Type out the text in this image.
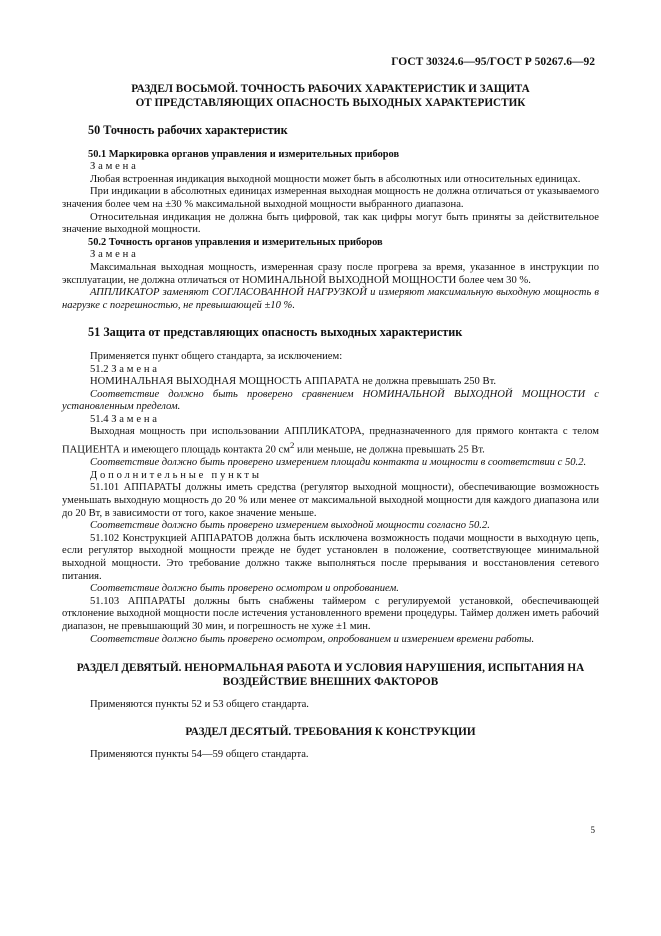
ГОСТ 30324.6—95/ГОСТ Р 50267.6—92
РАЗДЕЛ ВОСЬМОЙ. ТОЧНОСТЬ РАБОЧИХ ХАРАКТЕРИСТИК И ЗАЩИТА
ОТ ПРЕДСТАВЛЯЮЩИХ ОПАСНОСТЬ ВЫХОДНЫХ ХАРАКТЕРИСТИК
50 Точность рабочих характеристик
50.1 Маркировка органов управления и измерительных приборов

Замена

Любая встроенная индикация выходной мощности может быть в абсолютных или относительных единицах.

При индикации в абсолютных единицах измеренная выходная мощность не должна отличаться от указываемого значения более чем на ±30 % максимальной выходной мощности выбранного диапазона.

Относительная индикация не должна быть цифровой, так как цифры могут быть приняты за действительное значение выходной мощности.

50.2 Точность органов управления и измерительных приборов

Замена

Максимальная выходная мощность, измеренная сразу после прогрева за время, указанное в инструкции по эксплуатации, не должна отличаться от НОМИНАЛЬНОЙ ВЫХОДНОЙ МОЩНОСТИ более чем 30 %.

АППЛИКАТОР заменяют СОГЛАСОВАННОЙ НАГРУЗКОЙ и измеряют максимальную выходную мощность в нагрузке с погрешностью, не превышающей ±10 %.

51 Защита от представляющих опасность выходных характеристик

Применяется пункт общего стандарта, за исключением:

51.2 Замена

НОМИНАЛЬНАЯ ВЫХОДНАЯ МОЩНОСТЬ АППАРАТА не должна превышать 250 Вт.

Соответствие должно быть проверено сравнением НОМИНАЛЬНОЙ ВЫХОДНОЙ МОЩНОСТИ с установленным пределом.

51.4 Замена

Выходная мощность при использовании АППЛИКАТОРА, предназначенного для прямого контакта с телом ПАЦИЕНТА и имеющего площадь контакта 20 $см^2$ или меньше, не должна превышать 25 Вт.

Соответствие должно быть проверено измерением площади контакта и мощности в соответствии с 50.2.

Дополнительные пункты

51.101 АППАРАТЫ должны иметь средства (регулятор выходной мощности), обеспечивающие возможность уменьшать выходную мощность до 20 % или менее от максимальной выходной мощности для каждого диапазона или до 20 Вт, в зависимости от того, какое значение меньше.

Соответствие должно быть проверено измерением выходной мощности согласно 50.2.

51.102 Конструкцией АППАРАТОВ должна быть исключена возможность подачи мощности в выходную цепь, если регулятор выходной мощности прежде не будет установлен в положение, соответствующее минимальной выходной мощности. Это требование должно также выполняться после прерывания и восстановления сетевого питания.

Соответствие должно быть проверено осмотром и опробованием.

51.103 АППАРАТЫ должны быть снабжены таймером с регулируемой установкой, обеспечивающей отклонение выходной мощности после истечения установленного времени процедуры. Таймер должен иметь рабочий диапазон, не превышающий 30 мин, и погрешность не хуже ±1 мин.

Соответствие должно быть проверено осмотром, опробованием и измерением времени работы.

РАЗДЕЛ ДЕВЯТЫЙ. НЕНОРМАЛЬНАЯ РАБОТА И УСЛОВИЯ НАРУШЕНИЯ, ИСПЫТАНИЯ НА ВОЗДЕЙСТВИЕ ВНЕШНИХ ФАКТОРОВ

Применяются пункты 52 и 53 общего стандарта.

РАЗДЕЛ ДЕСЯТЫЙ. ТРЕБОВАНИЯ К КОНСТРУКЦИИ

Применяются пункты 54—59 общего стандарта.

5
